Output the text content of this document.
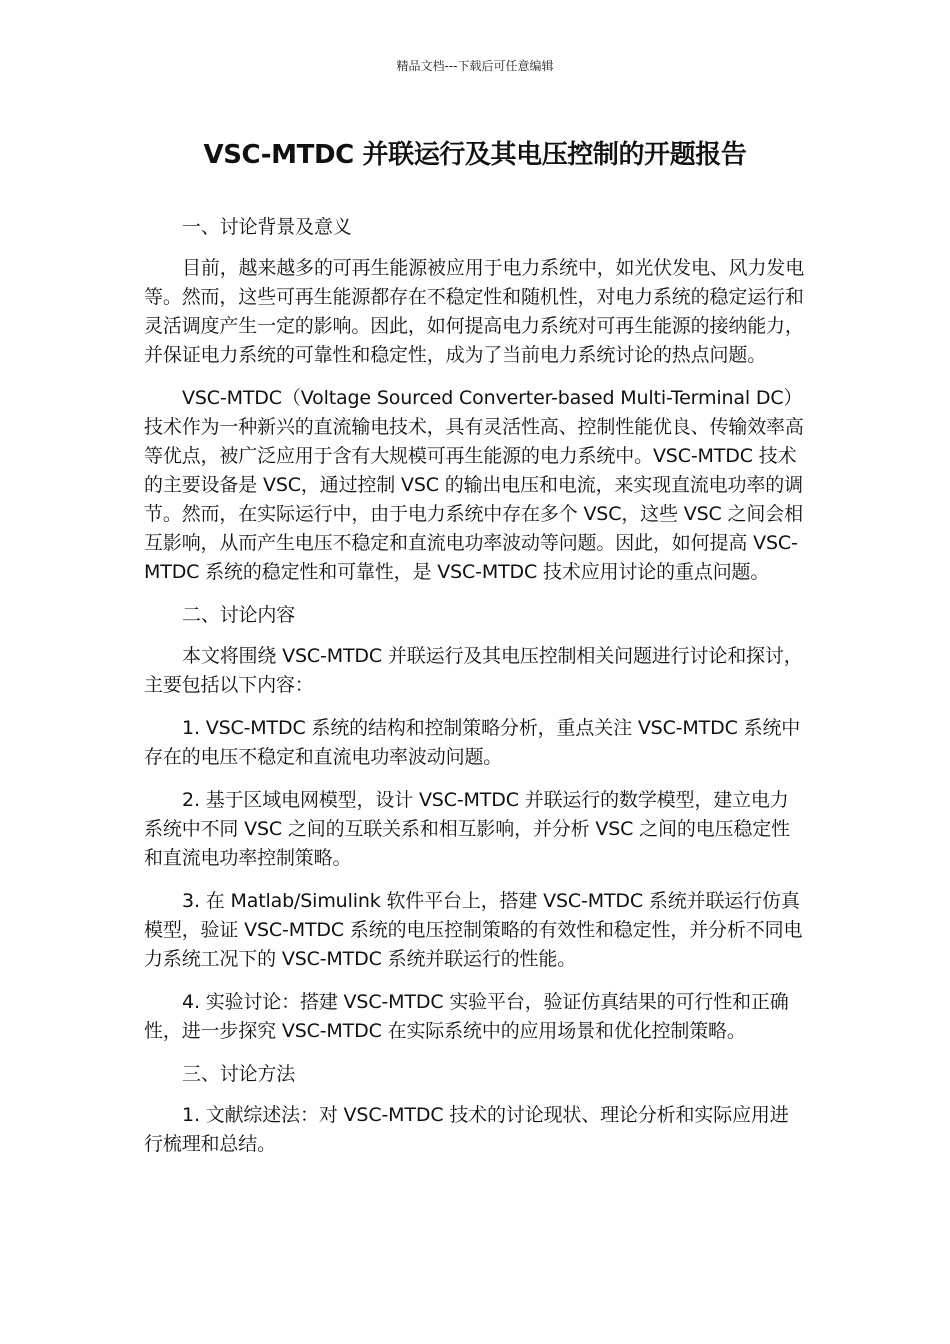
精品文档---下载后可任意编辑
VSC-MTDC 并联运行及其电压控制的开题报告

一、讨论背景及意义

目前，越来越多的可再生能源被应用于电力系统中，如光伏发电、风力发电等。然而，这些可再生能源都存在不稳定性和随机性，对电力系统的稳定运行和灵活调度产生一定的影响。因此，如何提高电力系统对可再生能源的接纳能力，并保证电力系统的可靠性和稳定性，成为了当前电力系统讨论的热点问题。

VSC-MTDC（Voltage Sourced Converter-based Multi-Terminal DC）技术作为一种新兴的直流输电技术，具有灵活性高、控制性能优良、传输效率高等优点，被广泛应用于含有大规模可再生能源的电力系统中。VSC-MTDC 技术的主要设备是 VSC，通过控制 VSC 的输出电压和电流，来实现直流电功率的调节。然而，在实际运行中，由于电力系统中存在多个 VSC，这些 VSC 之间会相互影响，从而产生电压不稳定和直流电功率波动等问题。因此，如何提高 VSC-MTDC 系统的稳定性和可靠性，是 VSC-MTDC 技术应用讨论的重点问题。

二、讨论内容

本文将围绕 VSC-MTDC 并联运行及其电压控制相关问题进行讨论和探讨，主要包括以下内容：

1. VSC-MTDC 系统的结构和控制策略分析，重点关注 VSC-MTDC 系统中存在的电压不稳定和直流电功率波动问题。

2. 基于区域电网模型，设计 VSC-MTDC 并联运行的数学模型，建立电力系统中不同 VSC 之间的互联关系和相互影响，并分析 VSC 之间的电压稳定性和直流电功率控制策略。

3. 在 Matlab/Simulink 软件平台上，搭建 VSC-MTDC 系统并联运行仿真模型，验证 VSC-MTDC 系统的电压控制策略的有效性和稳定性，并分析不同电力系统工况下的 VSC-MTDC 系统并联运行的性能。

4. 实验讨论：搭建 VSC-MTDC 实验平台，验证仿真结果的可行性和正确性，进一步探究 VSC-MTDC 在实际系统中的应用场景和优化控制策略。

三、讨论方法

1. 文献综述法：对 VSC-MTDC 技术的讨论现状、理论分析和实际应用进行梳理和总结。
